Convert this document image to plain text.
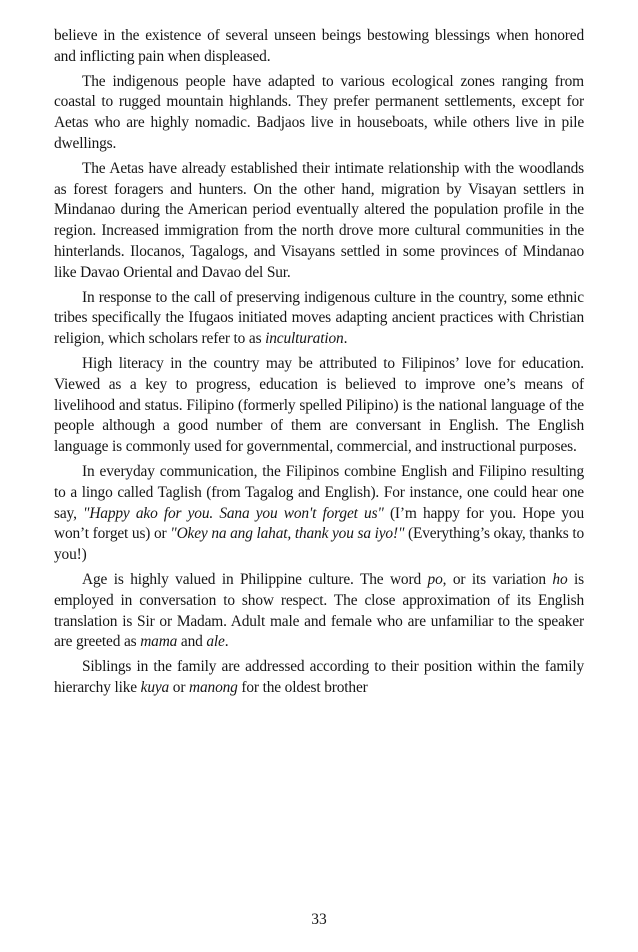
believe in the existence of several unseen beings bestowing blessings when honored and inflicting pain when displeased.

The indigenous people have adapted to various ecological zones ranging from coastal to rugged mountain highlands. They prefer permanent settlements, except for Aetas who are highly nomadic. Badjaos live in houseboats, while others live in pile dwellings.

The Aetas have already established their intimate relationship with the woodlands as forest foragers and hunters. On the other hand, migration by Visayan settlers in Mindanao during the American period eventually altered the population profile in the region. Increased immigration from the north drove more cultural communities in the hinterlands. Ilocanos, Tagalogs, and Visayans settled in some provinces of Mindanao like Davao Oriental and Davao del Sur.

In response to the call of preserving indigenous culture in the country, some ethnic tribes specifically the Ifugaos initiated moves adapting ancient practices with Christian religion, which scholars refer to as inculturation.

High literacy in the country may be attributed to Filipinos’ love for education. Viewed as a key to progress, education is believed to improve one’s means of livelihood and status. Filipino (formerly spelled Pilipino) is the national language of the people although a good number of them are conversant in English. The English language is commonly used for governmental, commercial, and instructional purposes.

In everyday communication, the Filipinos combine English and Filipino resulting to a lingo called Taglish (from Tagalog and English). For instance, one could hear one say, "Happy ako for you. Sana you won't forget us" (I’m happy for you. Hope you won’t forget us) or "Okey na ang lahat, thank you sa iyo!" (Everything’s okay, thanks to you!)

Age is highly valued in Philippine culture. The word po, or its variation ho is employed in conversation to show respect. The close approximation of its English translation is Sir or Madam. Adult male and female who are unfamiliar to the speaker are greeted as mama and ale.

Siblings in the family are addressed according to their position within the family hierarchy like kuya or manong for the oldest brother

33
